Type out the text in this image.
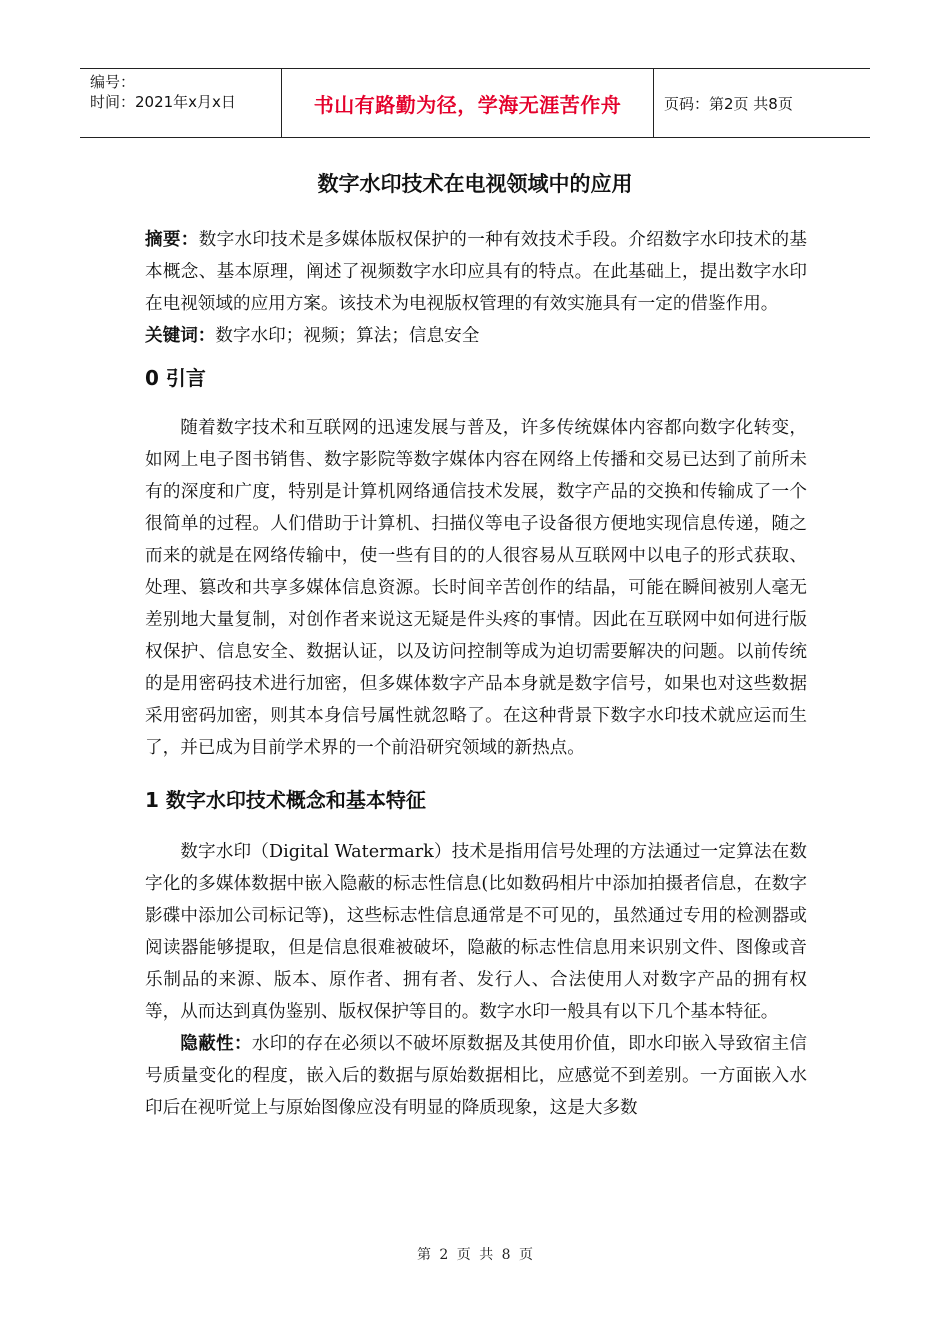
编号：
时间：2021年x月x日	书山有路勤为径，学海无涯苦作舟	页码：第2页 共8页
数字水印技术在电视领域中的应用

摘要：数字水印技术是多媒体版权保护的一种有效技术手段。介绍数字水印技术的基本概念、基本原理，阐述了视频数字水印应具有的特点。在此基础上，提出数字水印在电视领域的应用方案。该技术为电视版权管理的有效实施具有一定的借鉴作用。

关键词：数字水印；视频；算法；信息安全

0 引言

随着数字技术和互联网的迅速发展与普及，许多传统媒体内容都向数字化转变，如网上电子图书销售、数字影院等数字媒体内容在网络上传播和交易已达到了前所未有的深度和广度，特别是计算机网络通信技术发展，数字产品的交换和传输成了一个很简单的过程。人们借助于计算机、扫描仪等电子设备很方便地实现信息传递，随之而来的就是在网络传输中，使一些有目的的人很容易从互联网中以电子的形式获取、处理、篡改和共享多媒体信息资源。长时间辛苦创作的结晶，可能在瞬间被别人毫无差别地大量复制，对创作者来说这无疑是件头疼的事情。因此在互联网中如何进行版权保护、信息安全、数据认证，以及访问控制等成为迫切需要解决的问题。以前传统的是用密码技术进行加密，但多媒体数字产品本身就是数字信号，如果也对这些数据采用密码加密，则其本身信号属性就忽略了。在这种背景下数字水印技术就应运而生了，并已成为目前学术界的一个前沿研究领域的新热点。

1 数字水印技术概念和基本特征

数字水印（Digital Watermark）技术是指用信号处理的方法通过一定算法在数字化的多媒体数据中嵌入隐蔽的标志性信息(比如数码相片中添加拍摄者信息，在数字影碟中添加公司标记等)，这些标志性信息通常是不可见的，虽然通过专用的检测器或阅读器能够提取，但是信息很难被破坏，隐蔽的标志性信息用来识别文件、图像或音乐制品的来源、版本、原作者、拥有者、发行人、合法使用人对数字产品的拥有权等，从而达到真伪鉴别、版权保护等目的。数字水印一般具有以下几个基本特征。

隐蔽性：水印的存在必须以不破坏原数据及其使用价值，即水印嵌入导致宿主信号质量变化的程度，嵌入后的数据与原始数据相比，应感觉不到差别。一方面嵌入水印后在视听觉上与原始图像应没有明显的降质现象，这是大多数

第 2 页 共 8 页
